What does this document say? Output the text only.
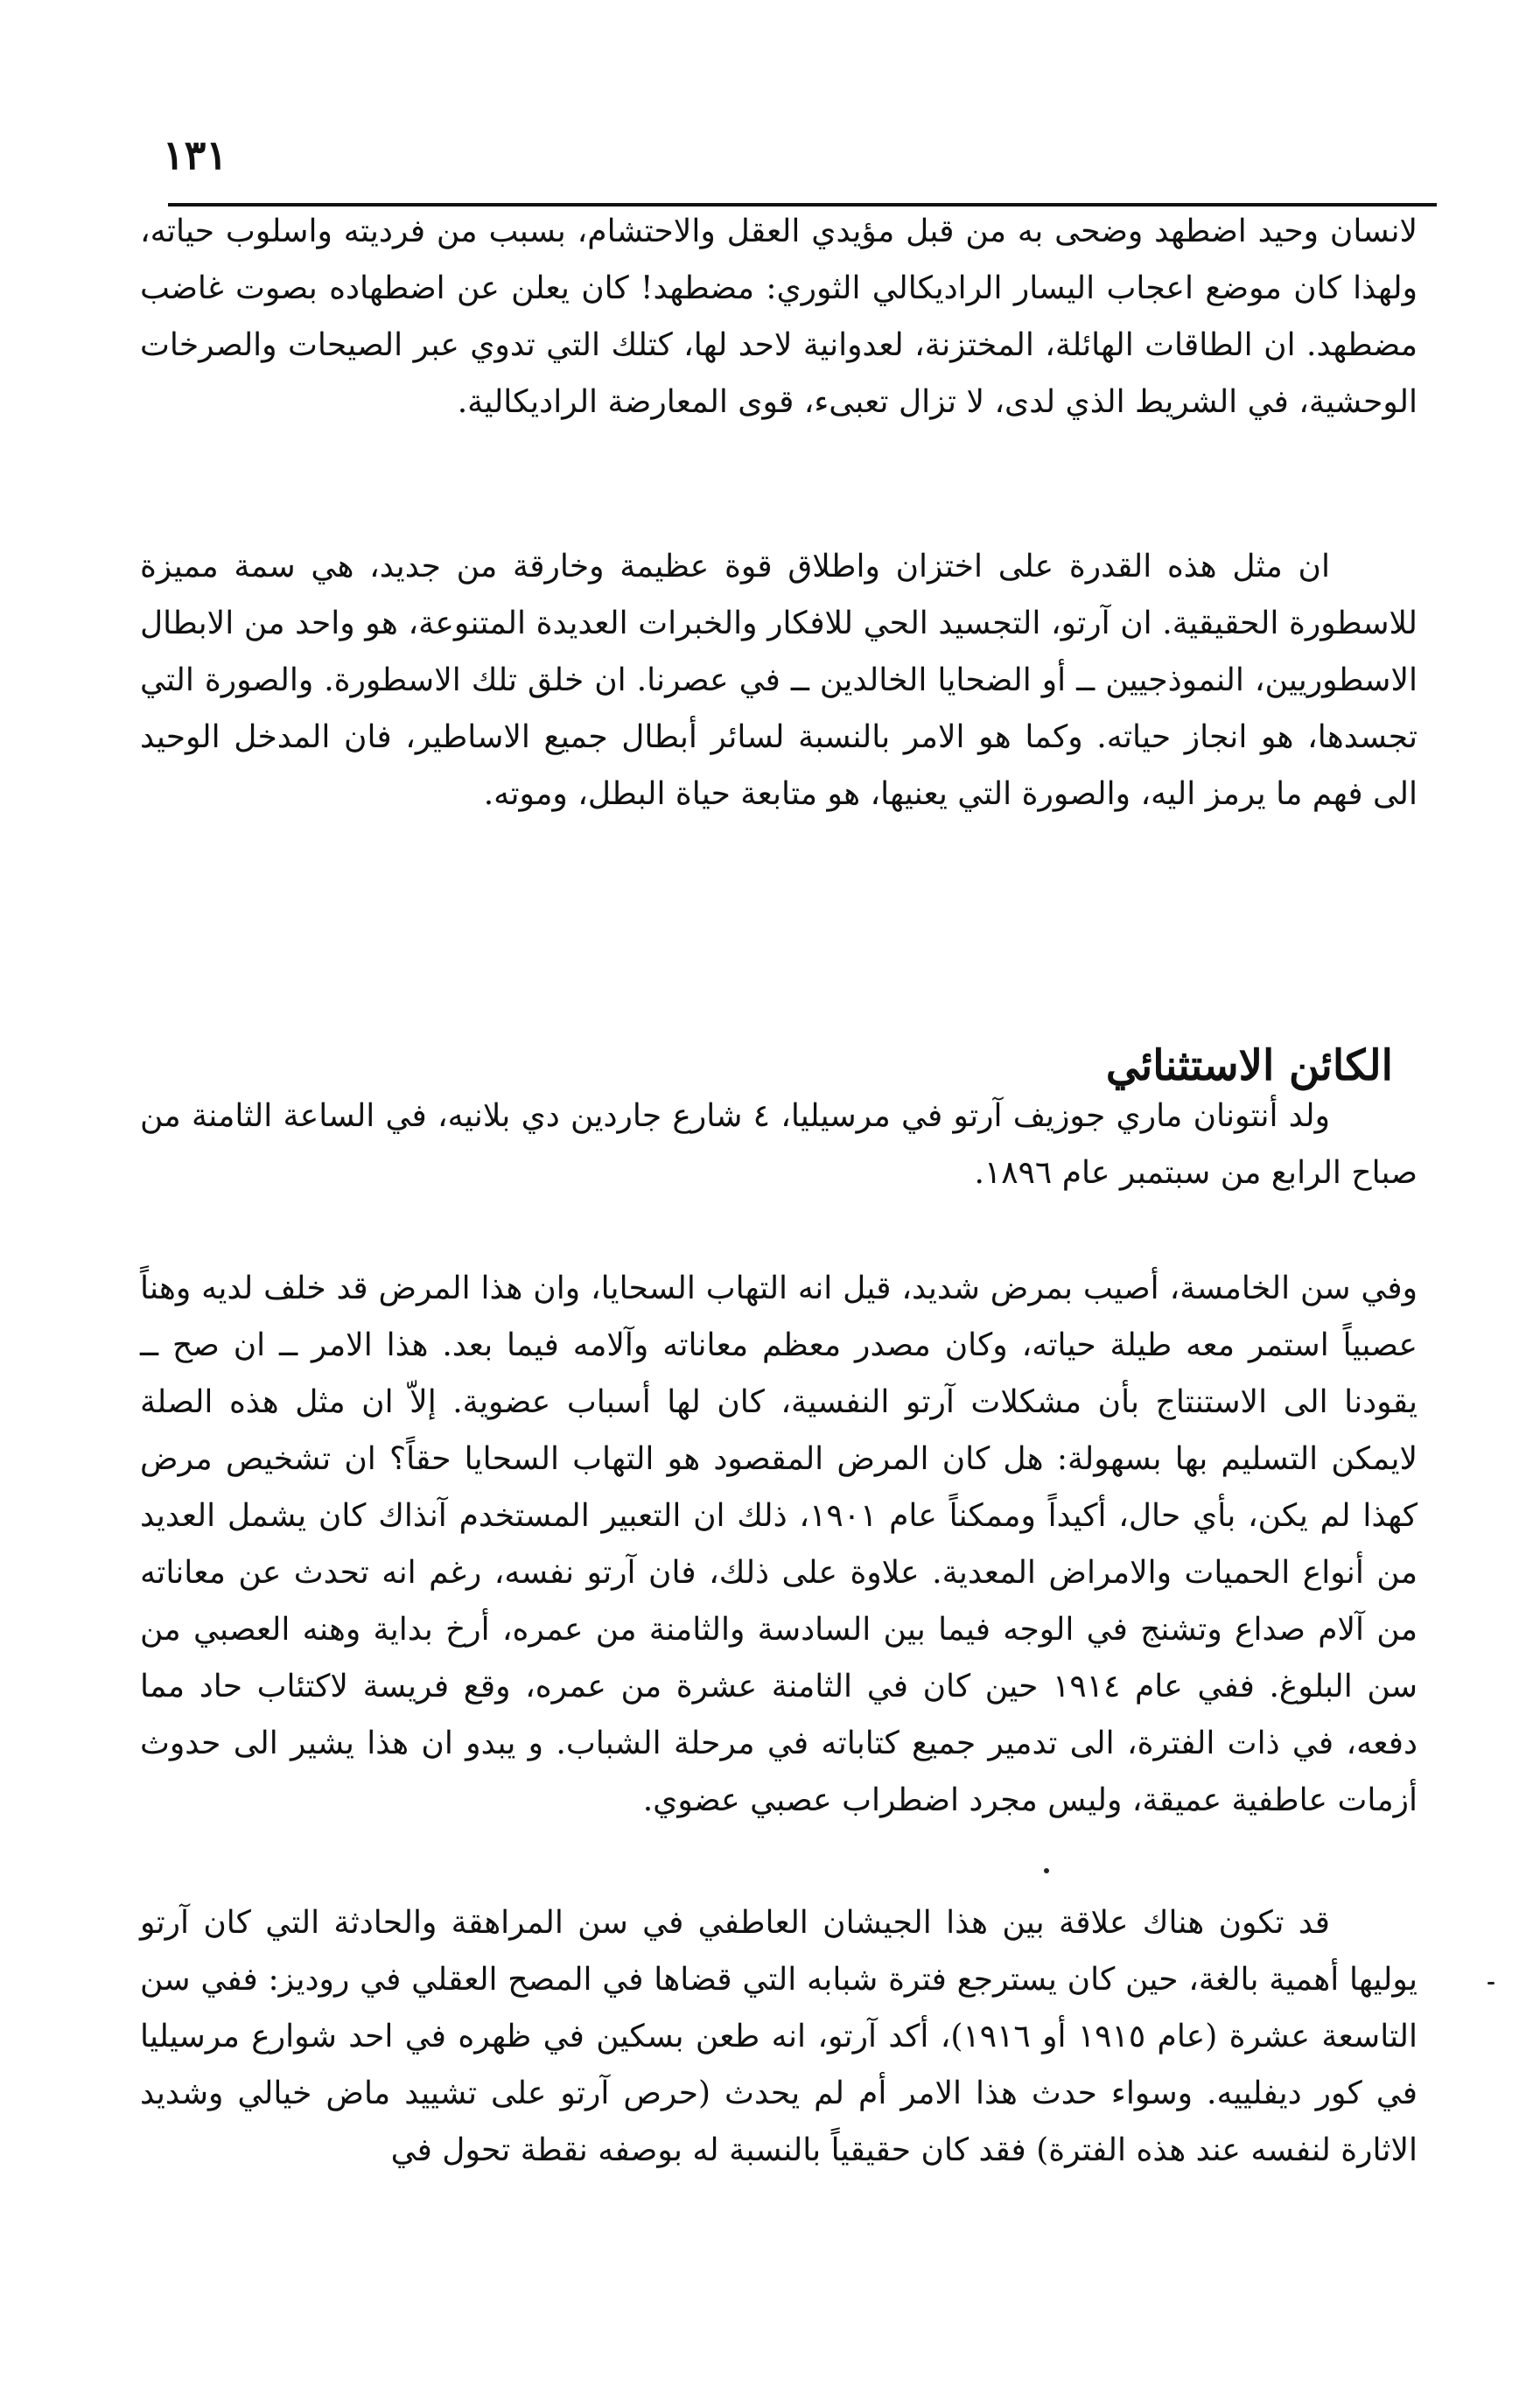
١٣١

لانسان وحيد اضطهد وضحى به من قبل مؤيدي العقل والاحتشام، بسبب من فرديته واسلوب حياته، ولهذا كان موضع اعجاب اليسار الراديكالي الثوري: مضطهد! كان يعلن عن اضطهاده بصوت غاضب مضطهد. ان الطاقات الهائلة، المختزنة، لعدوانية لاحد لها، كتلك التي تدوي عبر الصيحات والصرخات الوحشية، في الشريط الذي لدى، لا تزال تعبىء، قوى المعارضة الراديكالية.

ان مثل هذه القدرة على اختزان واطلاق قوة عظيمة وخارقة من جديد، هي سمة مميزة للاسطورة الحقيقية. ان آرتو، التجسيد الحي للافكار والخبرات العديدة المتنوعة، هو واحد من الابطال الاسطوريين، النموذجيين ــ أو الضحايا الخالدين ــ في عصرنا. ان خلق تلك الاسطورة. والصورة التي تجسدها، هو انجاز حياته. وكما هو الامر بالنسبة لسائر أبطال جميع الاساطير، فان المدخل الوحيد الى فهم ما يرمز اليه، والصورة التي يعنيها، هو متابعة حياة البطل، وموته.

الكائن الاستثنائي

ولد أنتونان ماري جوزيف آرتو في مرسيليا، ٤ شارع جاردين دي بلانيه، في الساعة الثامنة من صباح الرابع من سبتمبر عام ١٨٩٦.

وفي سن الخامسة، أصيب بمرض شديد، قيل انه التهاب السحايا، وان هذا المرض قد خلف لديه وهناً عصبياً استمر معه طيلة حياته، وكان مصدر معظم معاناته وآلامه فيما بعد. هذا الامر ــ ان صح ــ يقودنا الى الاستنتاج بأن مشكلات آرتو النفسية، كان لها أسباب عضوية. إلاّ ان مثل هذه الصلة لايمكن التسليم بها بسهولة: هل كان المرض المقصود هو التهاب السحايا حقاً؟ ان تشخيص مرض كهذا لم يكن، بأي حال، أكيداً وممكناً عام ١٩٠١، ذلك ان التعبير المستخدم آنذاك كان يشمل العديد من أنواع الحميات والامراض المعدية. علاوة على ذلك، فان آرتو نفسه، رغم انه تحدث عن معاناته من آلام صداع وتشنج في الوجه فيما بين السادسة والثامنة من عمره، أرخ بداية وهنه العصبي من سن البلوغ. ففي عام ١٩١٤ حين كان في الثامنة عشرة من عمره، وقع فريسة لاكتئاب حاد مما دفعه، في ذات الفترة، الى تدمير جميع كتاباته في مرحلة الشباب. و يبدو ان هذا يشير الى حدوث أزمات عاطفية عميقة، وليس مجرد اضطراب عصبي عضوي.

قد تكون هناك علاقة بين هذا الجيشان العاطفي في سن المراهقة والحادثة التي كان آرتو يوليها أهمية بالغة، حين كان يسترجع فترة شبابه التي قضاها في المصح العقلي في روديز: ففي سن التاسعة عشرة (عام ١٩١٥ أو ١٩١٦)، أكد آرتو، انه طعن بسكين في ظهره في احد شوارع مرسيليا في كور ديفلييه. وسواء حدث هذا الامر أم لم يحدث (حرص آرتو على تشييد ماض خيالي وشديد الاثارة لنفسه عند هذه الفترة) فقد كان حقيقياً بالنسبة له بوصفه نقطة تحول في
